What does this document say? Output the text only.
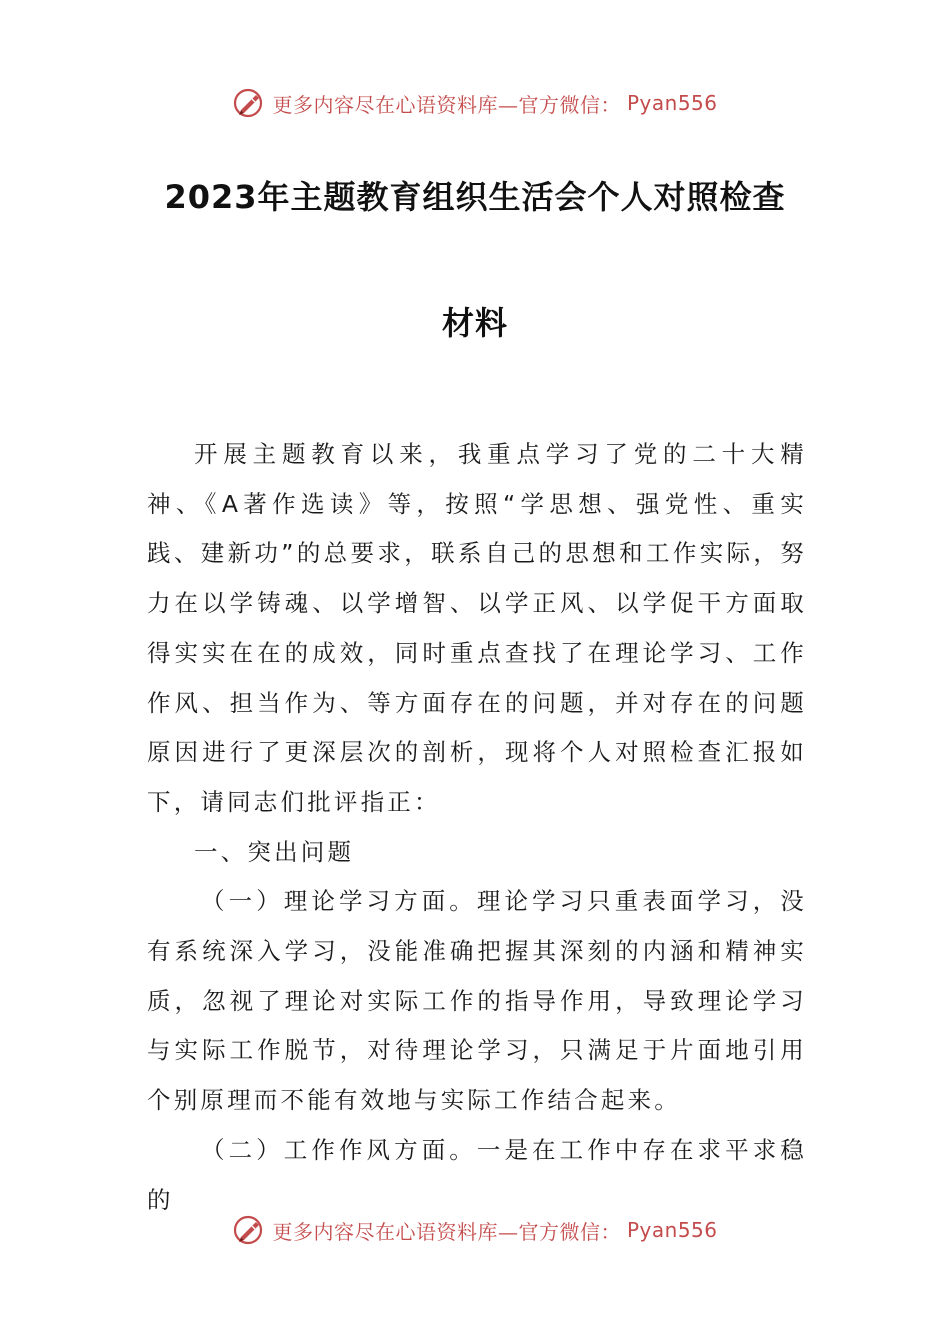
更多内容尽在心语资料库—官方微信： Pyan556
2023年主题教育组织生活会个人对照检查
材料

开展主题教育以来，我重点学习了党的二十大精神、《A著作选读》等，按照“学思想、强党性、重实践、建新功”的总要求，联系自己的思想和工作实际，努力在以学铸魂、以学增智、以学正风、以学促干方面取得实实在在的成效，同时重点查找了在理论学习、工作作风、担当作为、等方面存在的问题，并对存在的问题原因进行了更深层次的剖析，现将个人对照检查汇报如下，请同志们批评指正：

一、突出问题

（一）理论学习方面。理论学习只重表面学习，没有系统深入学习，没能准确把握其深刻的内涵和精神实质，忽视了理论对实际工作的指导作用，导致理论学习与实际工作脱节，对待理论学习，只满足于片面地引用个别原理而不能有效地与实际工作结合起来。

（二）工作作风方面。一是在工作中存在求平求稳的

更多内容尽在心语资料库—官方微信： Pyan556
